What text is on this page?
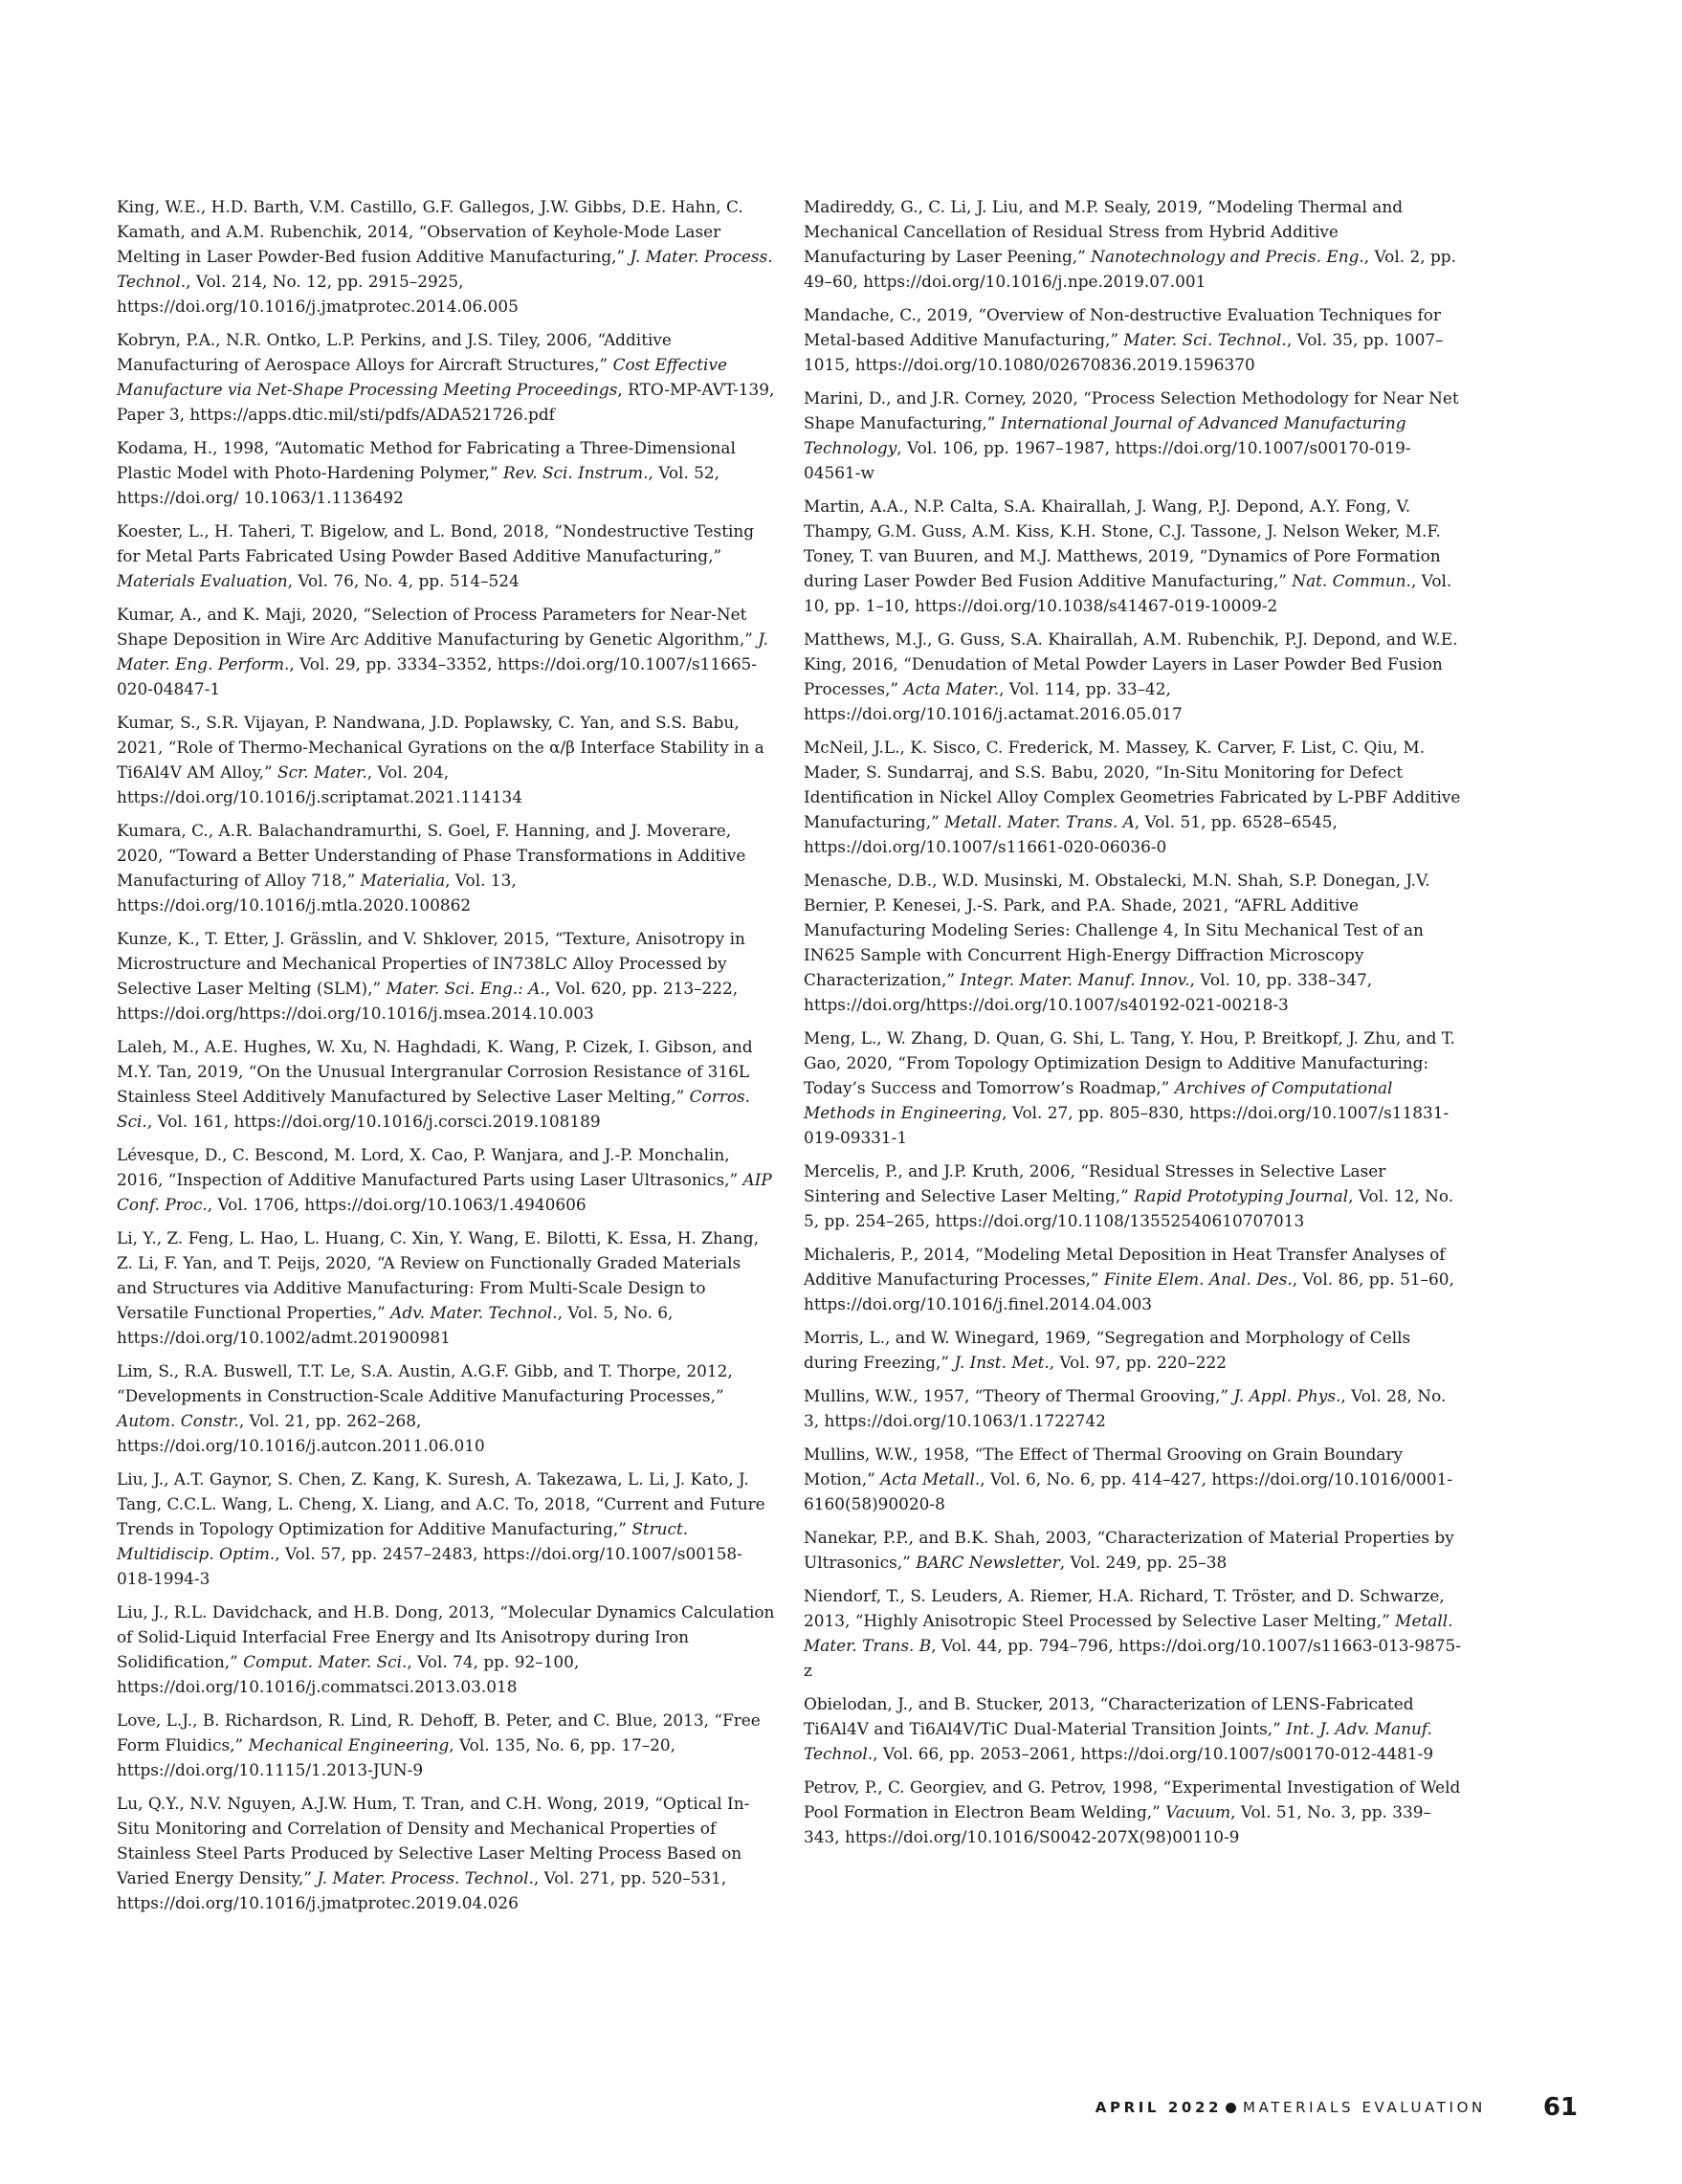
King, W.E., H.D. Barth, V.M. Castillo, G.F. Gallegos, J.W. Gibbs, D.E. Hahn, C. Kamath, and A.M. Rubenchik, 2014, “Observation of Keyhole-Mode Laser Melting in Laser Powder-Bed fusion Additive Manufacturing,” J. Mater. Process. Technol., Vol. 214, No. 12, pp. 2915–2925, https://doi.org/10.1016/j.jmatprotec.2014.06.005

Kobryn, P.A., N.R. Ontko, L.P. Perkins, and J.S. Tiley, 2006, “Additive Manufacturing of Aerospace Alloys for Aircraft Structures,” Cost Effective Manufacture via Net-Shape Processing Meeting Proceedings, RTO-MP-AVT-139, Paper 3, https://apps.dtic.mil/sti/pdfs/ADA521726.pdf

Kodama, H., 1998, “Automatic Method for Fabricating a Three-Dimensional Plastic Model with Photo-Hardening Polymer,” Rev. Sci. Instrum., Vol. 52, https://doi.org/ 10.1063/1.1136492

Koester, L., H. Taheri, T. Bigelow, and L. Bond, 2018, “Nondestructive Testing for Metal Parts Fabricated Using Powder Based Additive Manufacturing,” Materials Evaluation, Vol. 76, No. 4, pp. 514–524

Kumar, A., and K. Maji, 2020, “Selection of Process Parameters for Near-Net Shape Deposition in Wire Arc Additive Manufacturing by Genetic Algorithm,” J. Mater. Eng. Perform., Vol. 29, pp. 3334–3352, https://doi.org/10.1007/s11665-020-04847-1

Kumar, S., S.R. Vijayan, P. Nandwana, J.D. Poplawsky, C. Yan, and S.S. Babu, 2021, “Role of Thermo-Mechanical Gyrations on the α/β Interface Stability in a Ti6Al4V AM Alloy,” Scr. Mater., Vol. 204, https://doi.org/10.1016/j.scriptamat.2021.114134

Kumara, C., A.R. Balachandramurthi, S. Goel, F. Hanning, and J. Moverare, 2020, “Toward a Better Understanding of Phase Transformations in Additive Manufacturing of Alloy 718,” Materialia, Vol. 13, https://doi.org/10.1016/j.mtla.2020.100862

Kunze, K., T. Etter, J. Grässlin, and V. Shklover, 2015, “Texture, Anisotropy in Microstructure and Mechanical Properties of IN738LC Alloy Processed by Selective Laser Melting (SLM),” Mater. Sci. Eng.: A., Vol. 620, pp. 213–222, https://doi.org/https://doi.org/10.1016/j.msea.2014.10.003

Laleh, M., A.E. Hughes, W. Xu, N. Haghdadi, K. Wang, P. Cizek, I. Gibson, and M.Y. Tan, 2019, “On the Unusual Intergranular Corrosion Resistance of 316L Stainless Steel Additively Manufactured by Selective Laser Melting,” Corros. Sci., Vol. 161, https://doi.org/10.1016/j.corsci.2019.108189

Lévesque, D., C. Bescond, M. Lord, X. Cao, P. Wanjara, and J.-P. Monchalin, 2016, “Inspection of Additive Manufactured Parts using Laser Ultrasonics,” AIP Conf. Proc., Vol. 1706, https://doi.org/10.1063/1.4940606

Li, Y., Z. Feng, L. Hao, L. Huang, C. Xin, Y. Wang, E. Bilotti, K. Essa, H. Zhang, Z. Li, F. Yan, and T. Peijs, 2020, “A Review on Functionally Graded Materials and Structures via Additive Manufacturing: From Multi-Scale Design to Versatile Functional Properties,” Adv. Mater. Technol., Vol. 5, No. 6, https://doi.org/10.1002/admt.201900981

Lim, S., R.A. Buswell, T.T. Le, S.A. Austin, A.G.F. Gibb, and T. Thorpe, 2012, “Developments in Construction-Scale Additive Manufacturing Processes,” Autom. Constr., Vol. 21, pp. 262–268, https://doi.org/10.1016/j.autcon.2011.06.010

Liu, J., A.T. Gaynor, S. Chen, Z. Kang, K. Suresh, A. Takezawa, L. Li, J. Kato, J. Tang, C.C.L. Wang, L. Cheng, X. Liang, and A.C. To, 2018, “Current and Future Trends in Topology Optimization for Additive Manufacturing,” Struct. Multidiscip. Optim., Vol. 57, pp. 2457–2483, https://doi.org/10.1007/s00158-018-1994-3

Liu, J., R.L. Davidchack, and H.B. Dong, 2013, “Molecular Dynamics Calculation of Solid-Liquid Interfacial Free Energy and Its Anisotropy during Iron Solidification,” Comput. Mater. Sci., Vol. 74, pp. 92–100, https://doi.org/10.1016/j.commatsci.2013.03.018

Love, L.J., B. Richardson, R. Lind, R. Dehoff, B. Peter, and C. Blue, 2013, “Free Form Fluidics,” Mechanical Engineering, Vol. 135, No. 6, pp. 17–20, https://doi.org/10.1115/1.2013-JUN-9

Lu, Q.Y., N.V. Nguyen, A.J.W. Hum, T. Tran, and C.H. Wong, 2019, “Optical In-Situ Monitoring and Correlation of Density and Mechanical Properties of Stainless Steel Parts Produced by Selective Laser Melting Process Based on Varied Energy Density,” J. Mater. Process. Technol., Vol. 271, pp. 520–531, https://doi.org/10.1016/j.jmatprotec.2019.04.026

Madireddy, G., C. Li, J. Liu, and M.P. Sealy, 2019, “Modeling Thermal and Mechanical Cancellation of Residual Stress from Hybrid Additive Manufacturing by Laser Peening,” Nanotechnology and Precis. Eng., Vol. 2, pp. 49–60, https://doi.org/10.1016/j.npe.2019.07.001

Mandache, C., 2019, “Overview of Non-destructive Evaluation Techniques for Metal-based Additive Manufacturing,” Mater. Sci. Technol., Vol. 35, pp. 1007–1015, https://doi.org/10.1080/02670836.2019.1596370

Marini, D., and J.R. Corney, 2020, “Process Selection Methodology for Near Net Shape Manufacturing,” International Journal of Advanced Manufacturing Technology, Vol. 106, pp. 1967–1987, https://doi.org/10.1007/s00170-019-04561-w

Martin, A.A., N.P. Calta, S.A. Khairallah, J. Wang, P.J. Depond, A.Y. Fong, V. Thampy, G.M. Guss, A.M. Kiss, K.H. Stone, C.J. Tassone, J. Nelson Weker, M.F. Toney, T. van Buuren, and M.J. Matthews, 2019, “Dynamics of Pore Formation during Laser Powder Bed Fusion Additive Manufacturing,” Nat. Commun., Vol. 10, pp. 1–10, https://doi.org/10.1038/s41467-019-10009-2

Matthews, M.J., G. Guss, S.A. Khairallah, A.M. Rubenchik, P.J. Depond, and W.E. King, 2016, “Denudation of Metal Powder Layers in Laser Powder Bed Fusion Processes,” Acta Mater., Vol. 114, pp. 33–42, https://doi.org/10.1016/j.actamat.2016.05.017

McNeil, J.L., K. Sisco, C. Frederick, M. Massey, K. Carver, F. List, C. Qiu, M. Mader, S. Sundarraj, and S.S. Babu, 2020, “In-Situ Monitoring for Defect Identification in Nickel Alloy Complex Geometries Fabricated by L-PBF Additive Manufacturing,” Metall. Mater. Trans. A, Vol. 51, pp. 6528–6545, https://doi.org/10.1007/s11661-020-06036-0

Menasche, D.B., W.D. Musinski, M. Obstalecki, M.N. Shah, S.P. Donegan, J.V. Bernier, P. Kenesei, J.-S. Park, and P.A. Shade, 2021, “AFRL Additive Manufacturing Modeling Series: Challenge 4, In Situ Mechanical Test of an IN625 Sample with Concurrent High-Energy Diffraction Microscopy Characterization,” Integr. Mater. Manuf. Innov., Vol. 10, pp. 338–347, https://doi.org/https://doi.org/10.1007/s40192-021-00218-3

Meng, L., W. Zhang, D. Quan, G. Shi, L. Tang, Y. Hou, P. Breitkopf, J. Zhu, and T. Gao, 2020, “From Topology Optimization Design to Additive Manufacturing: Today’s Success and Tomorrow’s Roadmap,” Archives of Computational Methods in Engineering, Vol. 27, pp. 805–830, https://doi.org/10.1007/s11831-019-09331-1

Mercelis, P., and J.P. Kruth, 2006, “Residual Stresses in Selective Laser Sintering and Selective Laser Melting,” Rapid Prototyping Journal, Vol. 12, No. 5, pp. 254–265, https://doi.org/10.1108/13552540610707013

Michaleris, P., 2014, “Modeling Metal Deposition in Heat Transfer Analyses of Additive Manufacturing Processes,” Finite Elem. Anal. Des., Vol. 86, pp. 51–60, https://doi.org/10.1016/j.finel.2014.04.003

Morris, L., and W. Winegard, 1969, “Segregation and Morphology of Cells during Freezing,” J. Inst. Met., Vol. 97, pp. 220–222

Mullins, W.W., 1957, “Theory of Thermal Grooving,” J. Appl. Phys., Vol. 28, No. 3, https://doi.org/10.1063/1.1722742

Mullins, W.W., 1958, “The Effect of Thermal Grooving on Grain Boundary Motion,” Acta Metall., Vol. 6, No. 6, pp. 414–427, https://doi.org/10.1016/0001-6160(58)90020-8

Nanekar, P.P., and B.K. Shah, 2003, “Characterization of Material Properties by Ultrasonics,” BARC Newsletter, Vol. 249, pp. 25–38

Niendorf, T., S. Leuders, A. Riemer, H.A. Richard, T. Tröster, and D. Schwarze, 2013, “Highly Anisotropic Steel Processed by Selective Laser Melting,” Metall. Mater. Trans. B, Vol. 44, pp. 794–796, https://doi.org/10.1007/s11663-013-9875-z

Obielodan, J., and B. Stucker, 2013, “Characterization of LENS-Fabricated Ti6Al4V and Ti6Al4V/TiC Dual-Material Transition Joints,” Int. J. Adv. Manuf. Technol., Vol. 66, pp. 2053–2061, https://doi.org/10.1007/s00170-012-4481-9

Petrov, P., C. Georgiev, and G. Petrov, 1998, “Experimental Investigation of Weld Pool Formation in Electron Beam Welding,” Vacuum, Vol. 51, No. 3, pp. 339–343, https://doi.org/10.1016/S0042-207X(98)00110-9

APRIL 2022 MATERIALS EVALUATION 61
